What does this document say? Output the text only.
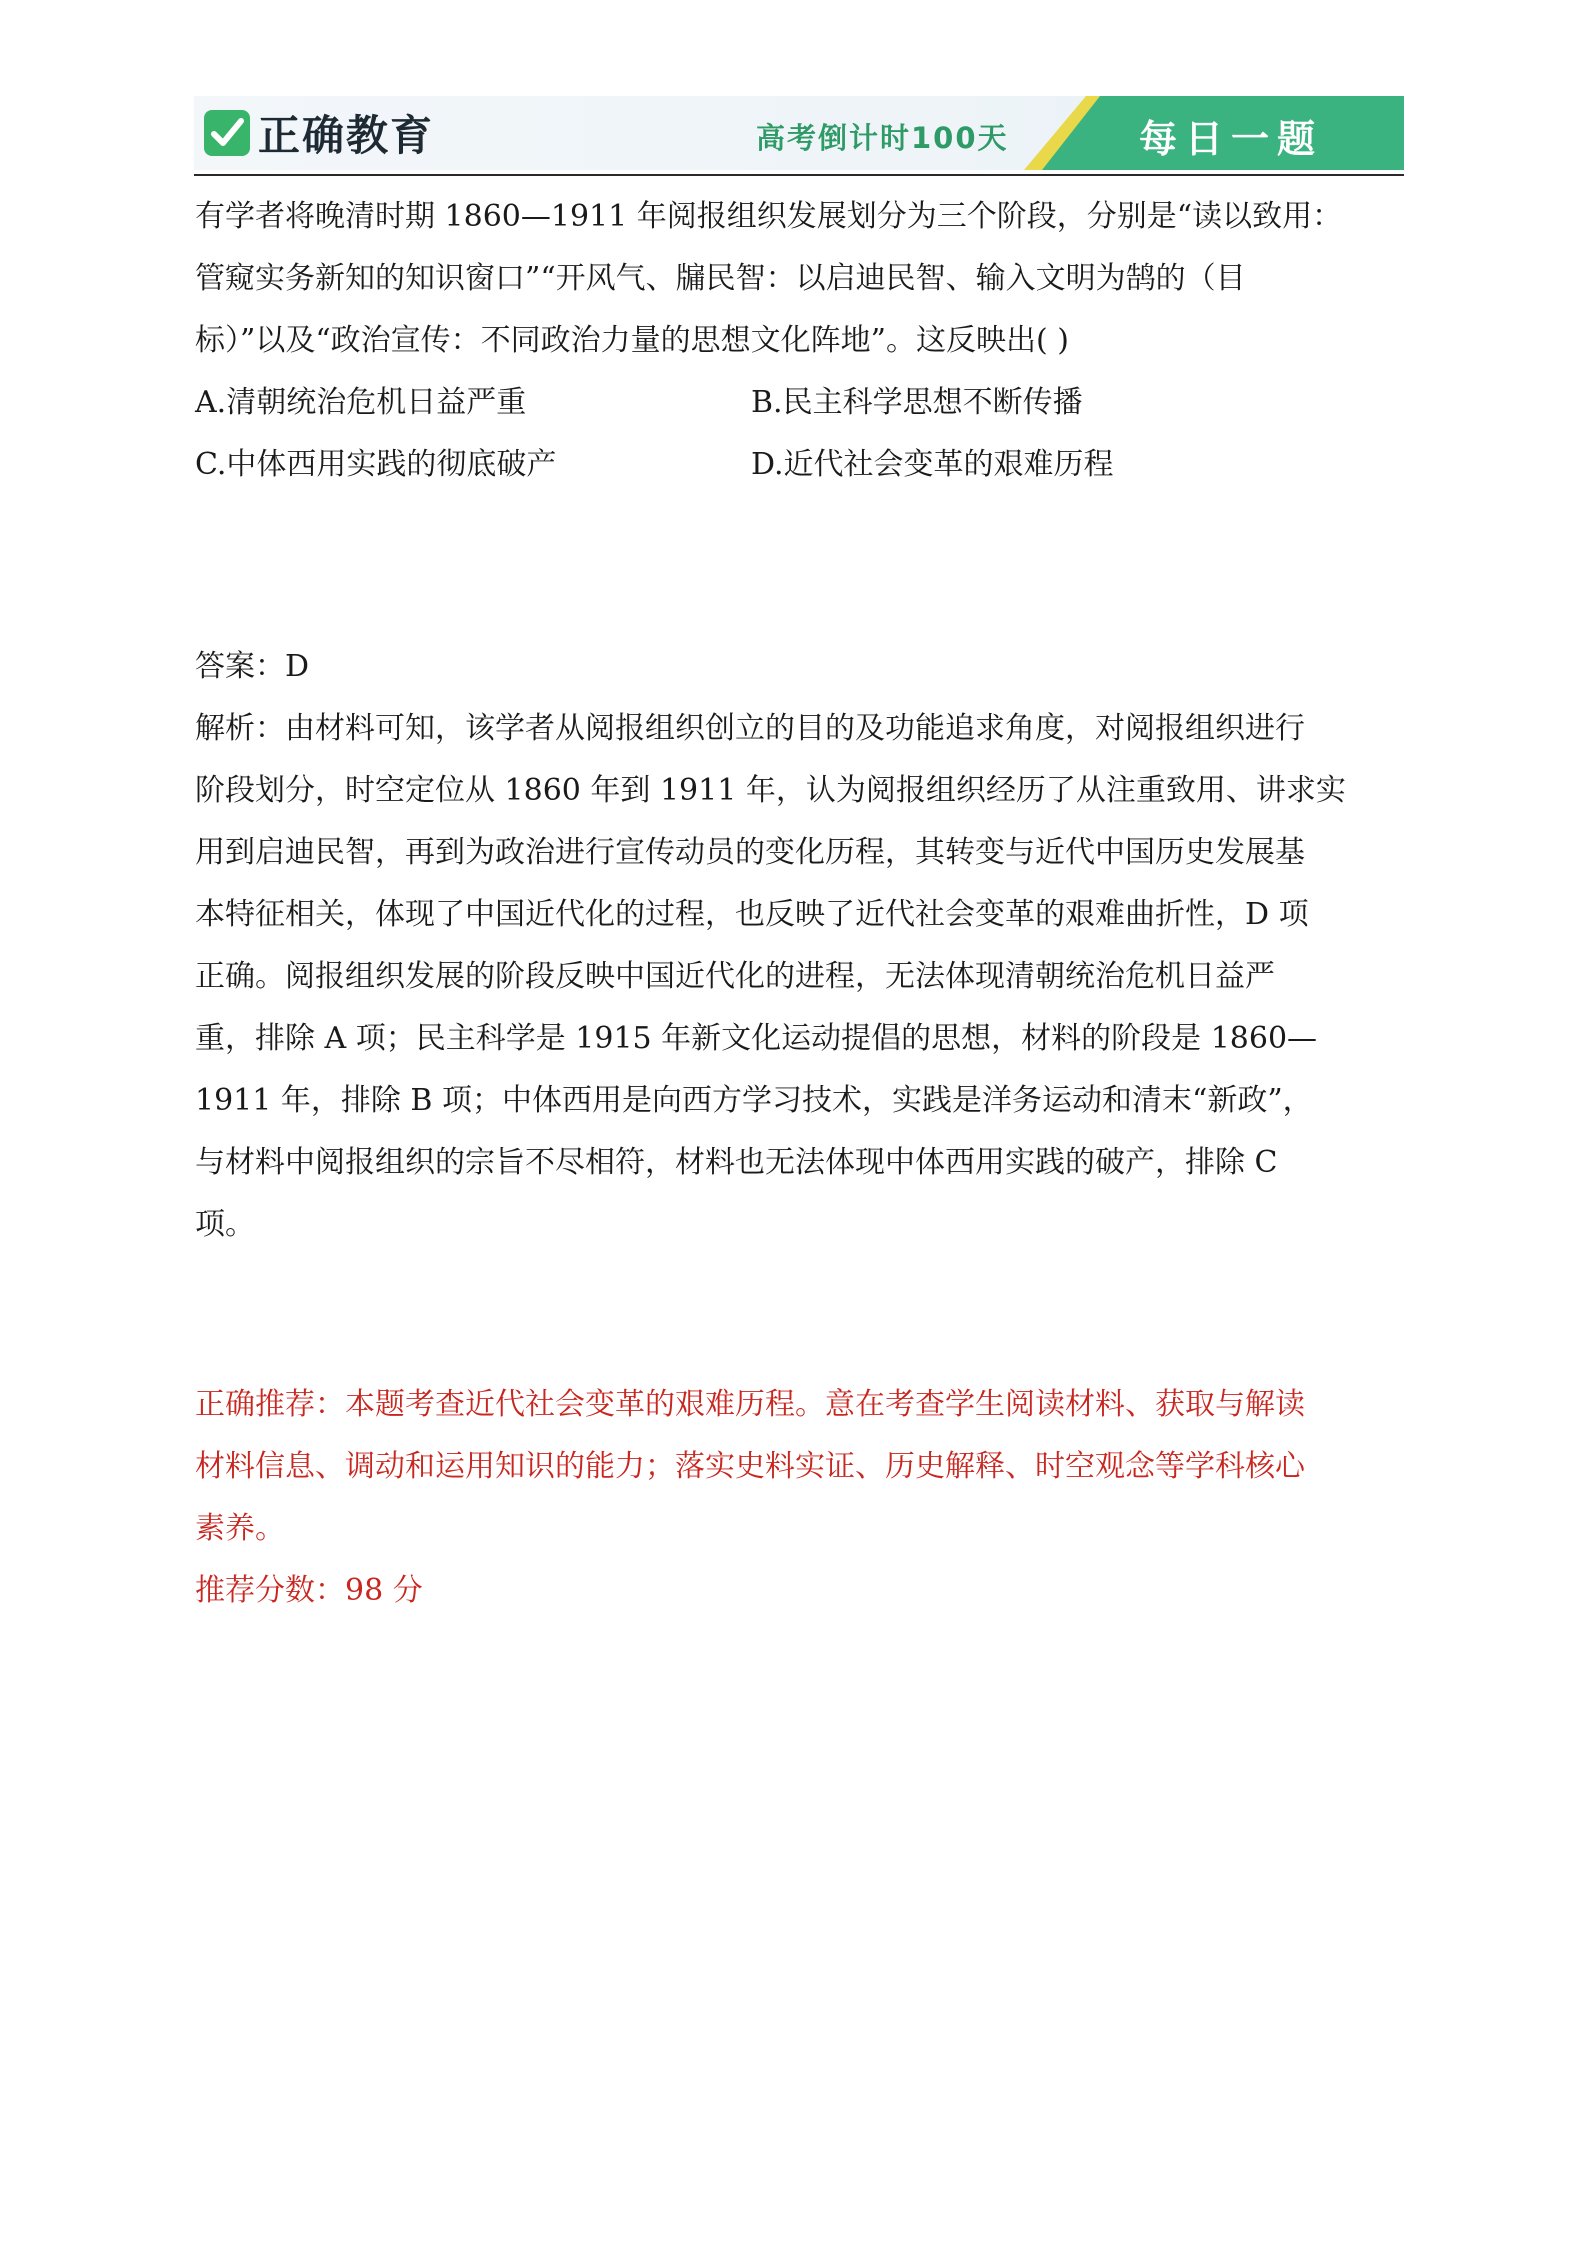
正确教育	高考倒计时100天	每日一题
有学者将晚清时期 1860—1911 年阅报组织发展划分为三个阶段，分别是“读以致用：
管窥实务新知的知识窗口”“开风气、牖民智：以启迪民智、输入文明为鹄的（目
标）”以及“政治宣传：不同政治力量的思想文化阵地”。这反映出( )
A.清朝统治危机日益严重	B.民主科学思想不断传播
C.中体西用实践的彻底破产	D.近代社会变革的艰难历程
答案：D
解析：由材料可知，该学者从阅报组织创立的目的及功能追求角度，对阅报组织进行
阶段划分，时空定位从 1860 年到 1911 年，认为阅报组织经历了从注重致用、讲求实
用到启迪民智，再到为政治进行宣传动员的变化历程，其转变与近代中国历史发展基
本特征相关，体现了中国近代化的过程，也反映了近代社会变革的艰难曲折性，D 项
正确。阅报组织发展的阶段反映中国近代化的进程，无法体现清朝统治危机日益严
重，排除 A 项；民主科学是 1915 年新文化运动提倡的思想，材料的阶段是 1860—
1911 年，排除 B 项；中体西用是向西方学习技术，实践是洋务运动和清末“新政”，
与材料中阅报组织的宗旨不尽相符，材料也无法体现中体西用实践的破产，排除 C
项。
正确推荐：本题考查近代社会变革的艰难历程。意在考查学生阅读材料、获取与解读
材料信息、调动和运用知识的能力；落实史料实证、历史解释、时空观念等学科核心
素养。
推荐分数：98 分
